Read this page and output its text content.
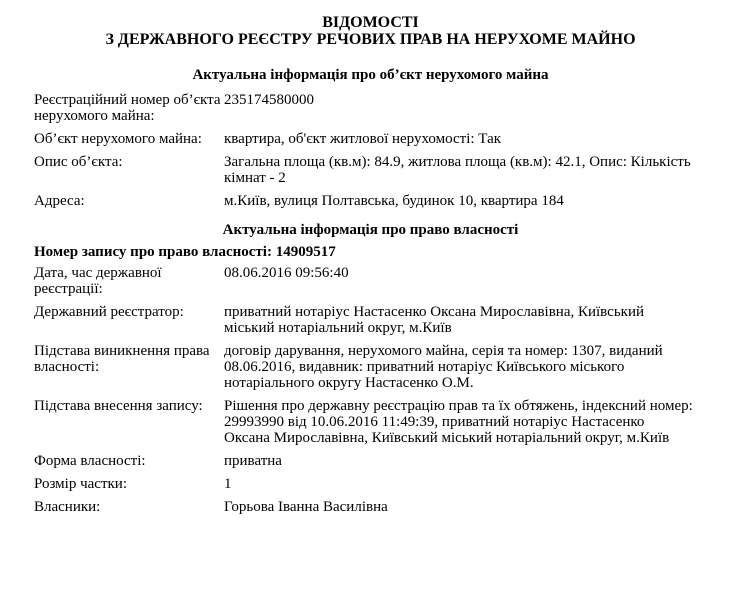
ВІДОМОСТІ
З ДЕРЖАВНОГО РЕЄСТРУ РЕЧОВИХ ПРАВ НА НЕРУХОМЕ МАЙНО
Актуальна інформація про об’єкт нерухомого майна
Реєстраційний номер об’єкта нерухомого майна:
235174580000
Об’єкт нерухомого майна:	квартира, об'єкт житлової нерухомості: Так
Опис об’єкта:	Загальна площа (кв.м): 84.9, житлова площа (кв.м): 42.1, Опис: Кількість кімнат - 2
Адреса:	м.Київ, вулиця Полтавська, будинок 10, квартира 184
Актуальна інформація про право власності
Номер запису про право власності: 14909517
Дата, час державної реєстрації:
08.06.2016 09:56:40
Державний реєстратор:	приватний нотаріус Настасенко Оксана Мирославівна, Київський міський нотаріальний округ, м.Київ
Підстава виникнення права власності:
договір дарування, нерухомого майна, серія та номер: 1307, виданий 08.06.2016, видавник: приватний нотаріус Київського міського нотаріального округу Настасенко О.М.
Підстава внесення запису:	Рішення про державну реєстрацію прав та їх обтяжень, індексний номер: 29993990 від 10.06.2016 11:49:39, приватний нотаріус Настасенко Оксана Мирославівна, Київський міський нотаріальний округ, м.Київ
Форма власності:	приватна
Розмір частки:	1
Власники:	Горьова Іванна Василівна
